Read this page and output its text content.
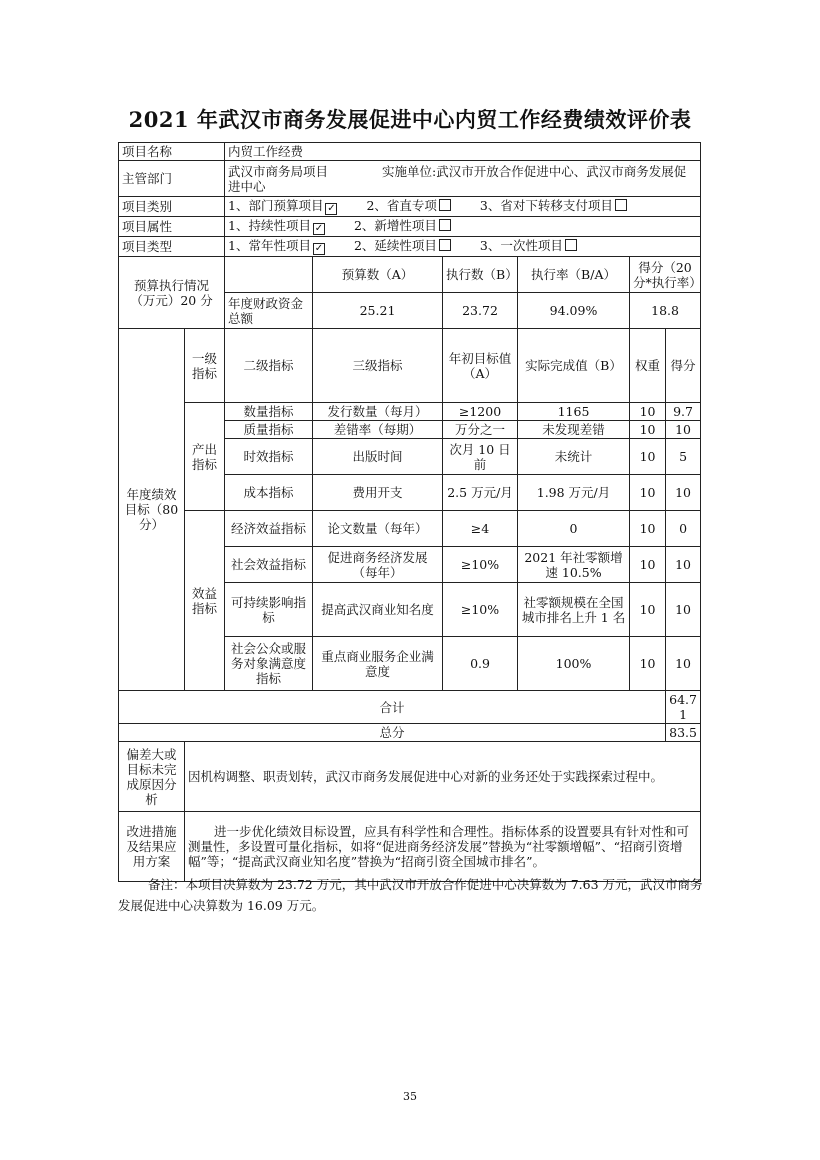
2021 年武汉市商务发展促进中心内贸工作经费绩效评价表
项目名称		内贸工作经费					
主管部门		武汉市商务局项目     实施单位:武汉市开放合作促进中心、武汉市商务发展促进中心					
项目类别		1、部门预算项目 ✓   2、省直专项   3、省对下转移支付项目					
项目属性		1、持续性项目 ✓   2、新增性项目					
项目类型		1、常年性项目 ✓   2、延续性项目   3、一次性项目					
预算执行情况（万元）20 分			预算数（A）	执行数（B）	执行率（B/A）	得分（20 分*执行率）	
		年度财政资金总额	25.21	23.72	94.09%	18.8	
年度绩效目标（80 分）	一级指标	二级指标	三级指标	年初目标值（A）	实际完成值（B）	权重	得分
	产出指标	数量指标	发行数量（每月）	≥1200	1165	10	9.7
		质量指标	差错率（每期）	万分之一	未发现差错	10	10
		时效指标	出版时间	次月 10 日前	未统计	10	5
		成本指标	费用开支	2.5 万元/月	1.98 万元/月	10	10
	效益指标	经济效益指标	论文数量（每年）	≥4	0	10	0
		社会效益指标	促进商务经济发展（每年）	≥10%	2021 年社零额增速 10.5%	10	10
		可持续影响指标	提高武汉商业知名度	≥10%	社零额规模在全国城市排名上升 1 名	10	10
		社会公众或服务对象满意度指标	重点商业服务企业满意度	0.9	100%	10	10
合计							64.71
总分							83.5
偏差大或目标未完成原因分析	因机构调整、职责划转，武汉市商务发展促进中心对新的业务还处于实践探索过程中。						
改进措施及结果应用方案	进一步优化绩效目标设置，应具有科学性和合理性。指标体系的设置要具有针对性和可测量性，多设置可量化指标，如将“促进商务经济发展”替换为“社零额增幅”、“招商引资增幅”等；“提高武汉商业知名度”替换为“招商引资全国城市排名”。						
备注：本项目决算数为 23.72 万元，其中武汉市开放合作促进中心决算数为 7.63 万元，武汉市商务发展促进中心决算数为 16.09 万元。
35
